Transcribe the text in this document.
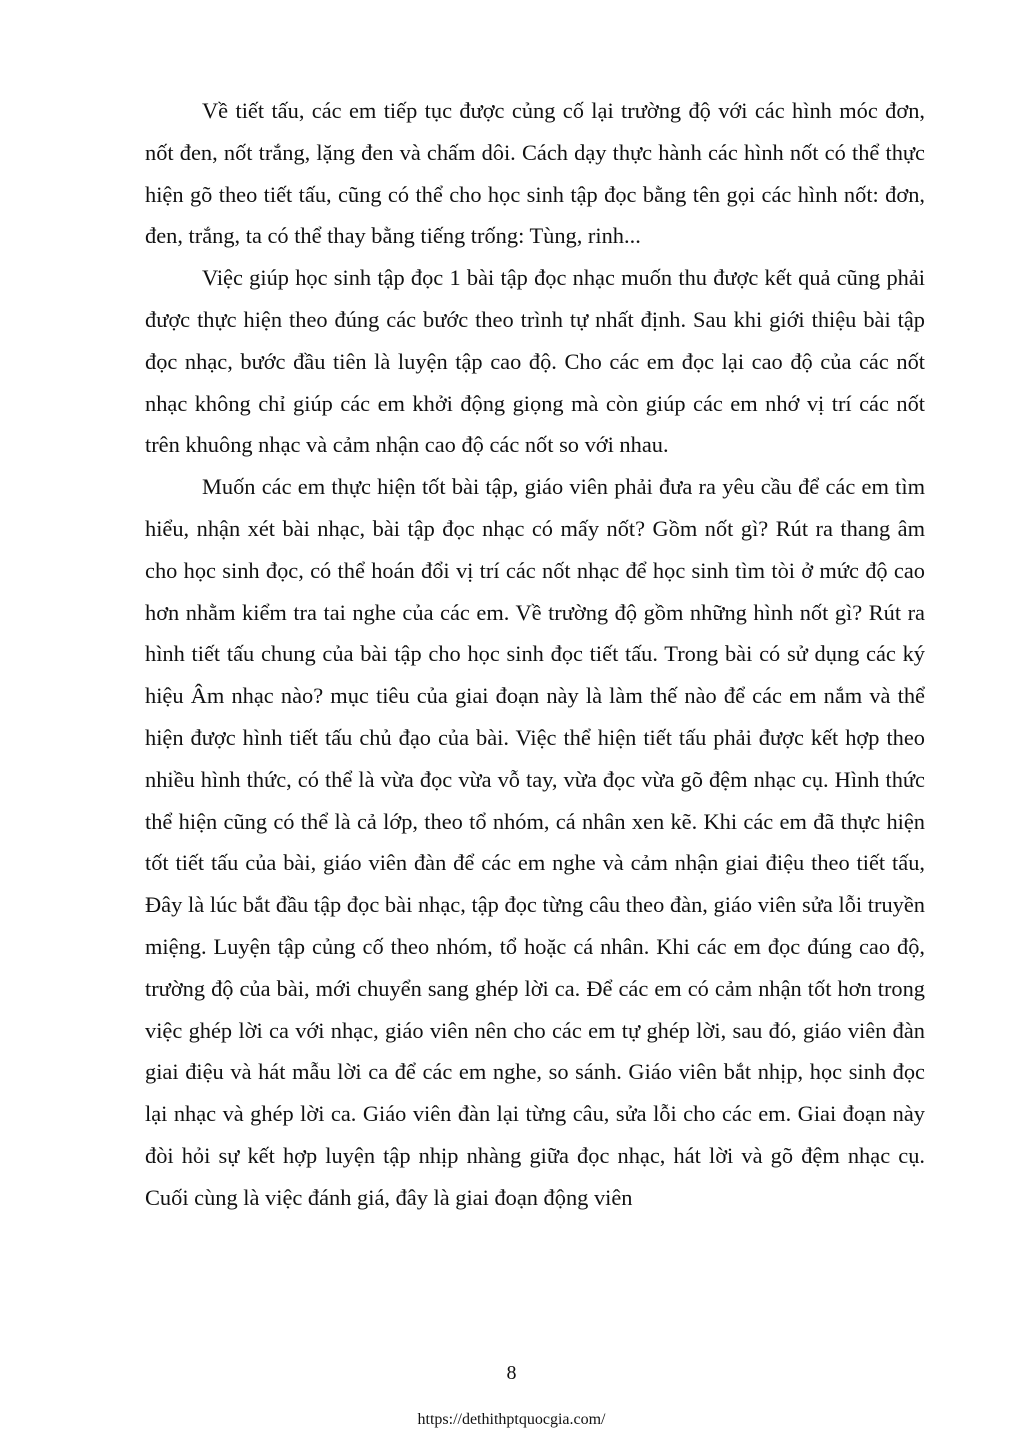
Về tiết tấu, các em tiếp tục được củng cố lại trường độ với các hình móc đơn, nốt đen, nốt trắng, lặng đen và chấm dôi. Cách dạy thực hành các hình nốt có thể thực hiện gõ theo tiết tấu, cũng có thể cho học sinh tập đọc bằng tên gọi các hình nốt: đơn, đen, trắng, ta có thể thay bằng tiếng trống: Tùng, rinh...

Việc giúp học sinh tập đọc 1 bài tập đọc nhạc muốn thu được kết quả cũng phải được thực hiện theo đúng các bước theo trình tự nhất định. Sau khi giới thiệu bài tập đọc nhạc, bước đầu tiên là luyện tập cao độ. Cho các em đọc lại cao độ của các nốt nhạc không chỉ giúp các em khởi động giọng mà còn giúp các em nhớ vị trí các nốt trên khuông nhạc và cảm nhận cao độ các nốt so với nhau.

Muốn các em thực hiện tốt bài tập, giáo viên phải đưa ra yêu cầu để các em tìm hiểu, nhận xét bài nhạc, bài tập đọc nhạc có mấy nốt? Gồm nốt gì? Rút ra thang âm cho học sinh đọc, có thể hoán đổi vị trí các nốt nhạc để học sinh tìm tòi ở mức độ cao hơn nhằm kiểm tra tai nghe của các em. Về trường độ gồm những hình nốt gì? Rút ra hình tiết tấu chung của bài tập cho học sinh đọc tiết tấu. Trong bài có sử dụng các ký hiệu Âm nhạc nào? mục tiêu của giai đoạn này là làm thế nào để các em nắm và thể hiện được hình tiết tấu chủ đạo của bài. Việc thể hiện tiết tấu phải được kết hợp theo nhiều hình thức, có thể là vừa đọc vừa vỗ tay, vừa đọc vừa gõ đệm nhạc cụ. Hình thức thể hiện cũng có thể là cả lớp, theo tổ nhóm, cá nhân xen kẽ. Khi các em đã thực hiện tốt tiết tấu của bài, giáo viên đàn để các em nghe và cảm nhận giai điệu theo tiết tấu, Đây là lúc bắt đầu tập đọc bài nhạc, tập đọc từng câu theo đàn, giáo viên sửa lỗi truyền miệng. Luyện tập củng cố theo nhóm, tổ hoặc cá nhân. Khi các em đọc đúng cao độ, trường độ của bài, mới chuyển sang ghép lời ca. Để các em có cảm nhận tốt hơn trong việc ghép lời ca với nhạc, giáo viên nên cho các em tự ghép lời, sau đó, giáo viên đàn giai điệu và hát mẫu lời ca để các em nghe, so sánh. Giáo viên bắt nhịp, học sinh đọc lại nhạc và ghép lời ca. Giáo viên đàn lại từng câu, sửa lỗi cho các em. Giai đoạn này đòi hỏi sự kết hợp luyện tập nhịp nhàng giữa đọc nhạc, hát lời và gõ đệm nhạc cụ. Cuối cùng là việc đánh giá, đây là giai đoạn động viên

8
https://dethithptquocgia.com/
